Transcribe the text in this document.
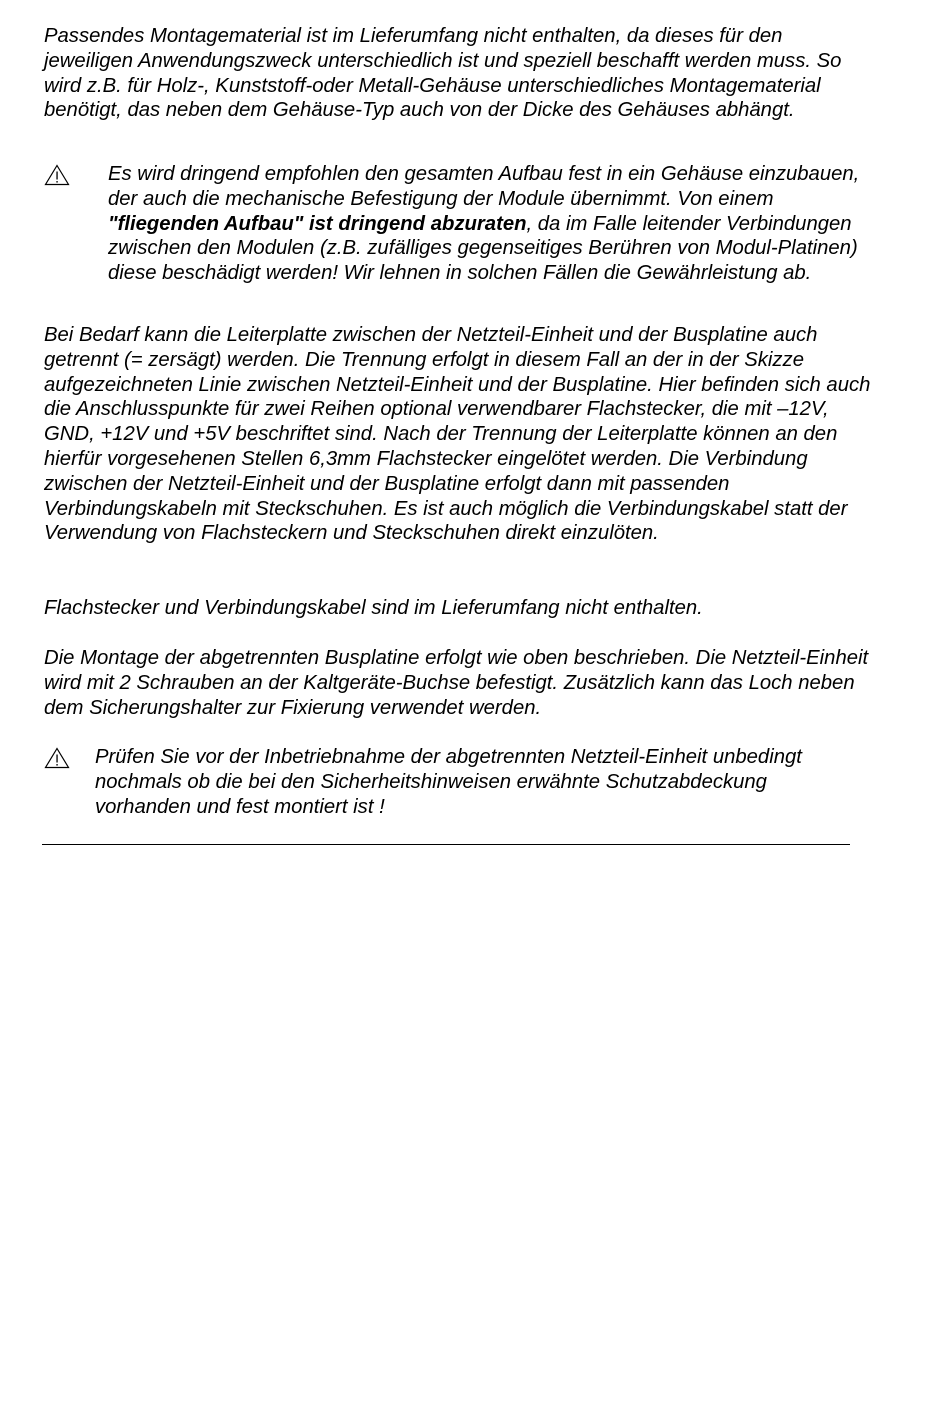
Passendes Montagematerial ist im Lieferumfang nicht enthalten, da dieses für den jeweiligen Anwendungszweck unterschiedlich ist und speziell beschafft werden muss. So wird z.B. für Holz-, Kunststoff-oder Metall-Gehäuse unterschiedliches Montagematerial benötigt, das neben dem Gehäuse-Typ auch von der Dicke des Gehäuses abhängt.

Es wird dringend empfohlen den gesamten Aufbau fest in ein Gehäuse einzubauen, der auch die mechanische Befestigung der Module übernimmt. Von einem "fliegenden Aufbau" ist dringend abzuraten, da im Falle leitender Verbindungen zwischen den Modulen (z.B. zufälliges gegenseitiges Berühren von Modul-Platinen) diese beschädigt werden! Wir lehnen in solchen Fällen die Gewährleistung ab.

Bei Bedarf kann die Leiterplatte zwischen der Netzteil-Einheit und der Busplatine auch getrennt (= zersägt) werden. Die Trennung erfolgt in diesem Fall an der in der Skizze aufgezeichneten Linie zwischen Netzteil-Einheit und der Busplatine. Hier befinden sich auch die Anschlusspunkte für zwei Reihen optional verwendbarer Flachstecker, die mit –12V, GND, +12V und +5V beschriftet sind. Nach der Trennung der Leiterplatte können an den hierfür vorgesehenen Stellen 6,3mm Flachstecker eingelötet werden. Die Verbindung zwischen der Netzteil-Einheit und der Busplatine erfolgt dann mit passenden Verbindungskabeln mit Steckschuhen. Es ist auch möglich die Verbindungskabel statt der Verwendung von Flachsteckern und Steckschuhen direkt einzulöten.

Flachstecker und Verbindungskabel sind im Lieferumfang nicht enthalten.

Die Montage der abgetrennten Busplatine erfolgt wie oben beschrieben. Die Netzteil-Einheit wird mit 2 Schrauben an der Kaltgeräte-Buchse befestigt. Zusätzlich kann das Loch neben dem Sicherungshalter zur Fixierung verwendet werden.

Prüfen Sie vor der Inbetriebnahme der abgetrennten Netzteil-Einheit unbedingt nochmals ob die bei den Sicherheitshinweisen erwähnte Schutzabdeckung vorhanden und fest montiert ist !
